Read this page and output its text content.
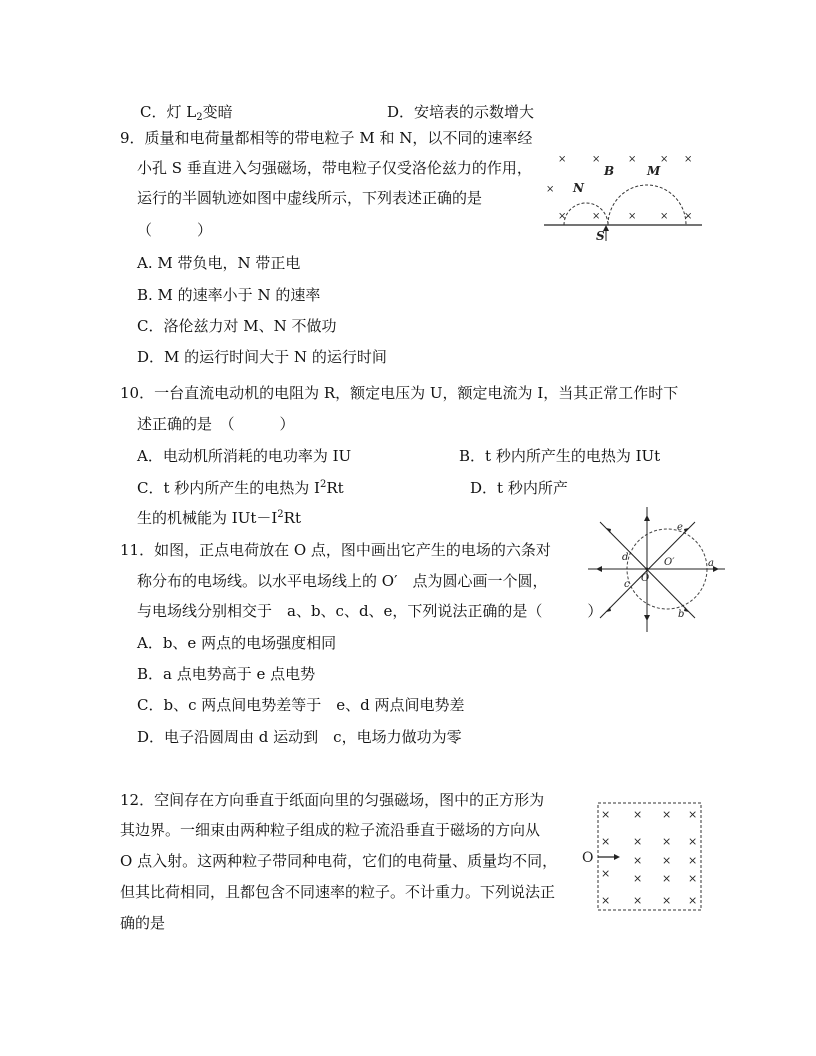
C．灯 $L_2$变暗	D．安培表的示数增大
9．质量和电荷量都相等的带电粒子 M 和 N，以不同的速率经
小孔 S 垂直进入匀强磁场，带电粒子仅受洛伦兹力的作用，
运行的半圆轨迹如图中虚线所示，下列表述正确的是
（　　　）
A. M 带负电，N 带正电
B. M 的速率小于 N 的速率
C．洛伦兹力对 M、N 不做功
D．M 的运行时间大于 N 的运行时间
×	×	× × ×
×
×	×	× × ×
N
B	M
S
10．一台直流电动机的电阻为 R，额定电压为 U，额定电流为 I，当其正常工作时下
述正确的是　（　　　）
A．电动机所消耗的电功率为 IU	B．t 秒内所产生的电热为 IUt
C．t 秒内所产生的电热为 $I^2Rt$	D．t 秒内所产
生的机械能为 $IUt-I^2Rt$
11．如图，正点电荷放在 O 点，图中画出它产生的电场的六条对
称分布的电场线。以水平电场线上的 O′　点为圆心画一个圆，
与电场线分别相交于　a、b、c、d、e，下列说法正确的是（　　　）
A．b、e 两点的电场强度相同
B．a 点电势高于 e 点电势
C．b、c 两点间电势差等于　e、d 两点间电势差
D．电子沿圆周由 d 运动到　c，电场力做功为零
e
d	O′	a
O
c
b
12．空间存在方向垂直于纸面向里的匀强磁场，图中的正方形为
其边界。一细束由两种粒子组成的粒子流沿垂直于磁场的方向从
O 点入射。这两种粒子带同种电荷，它们的电荷量、质量均不同，
但其比荷相同，且都包含不同速率的粒子。不计重力。下列说法正
确的是
× × × ×
× × × ×
× × ×
× × × ×
× × × ×
O
